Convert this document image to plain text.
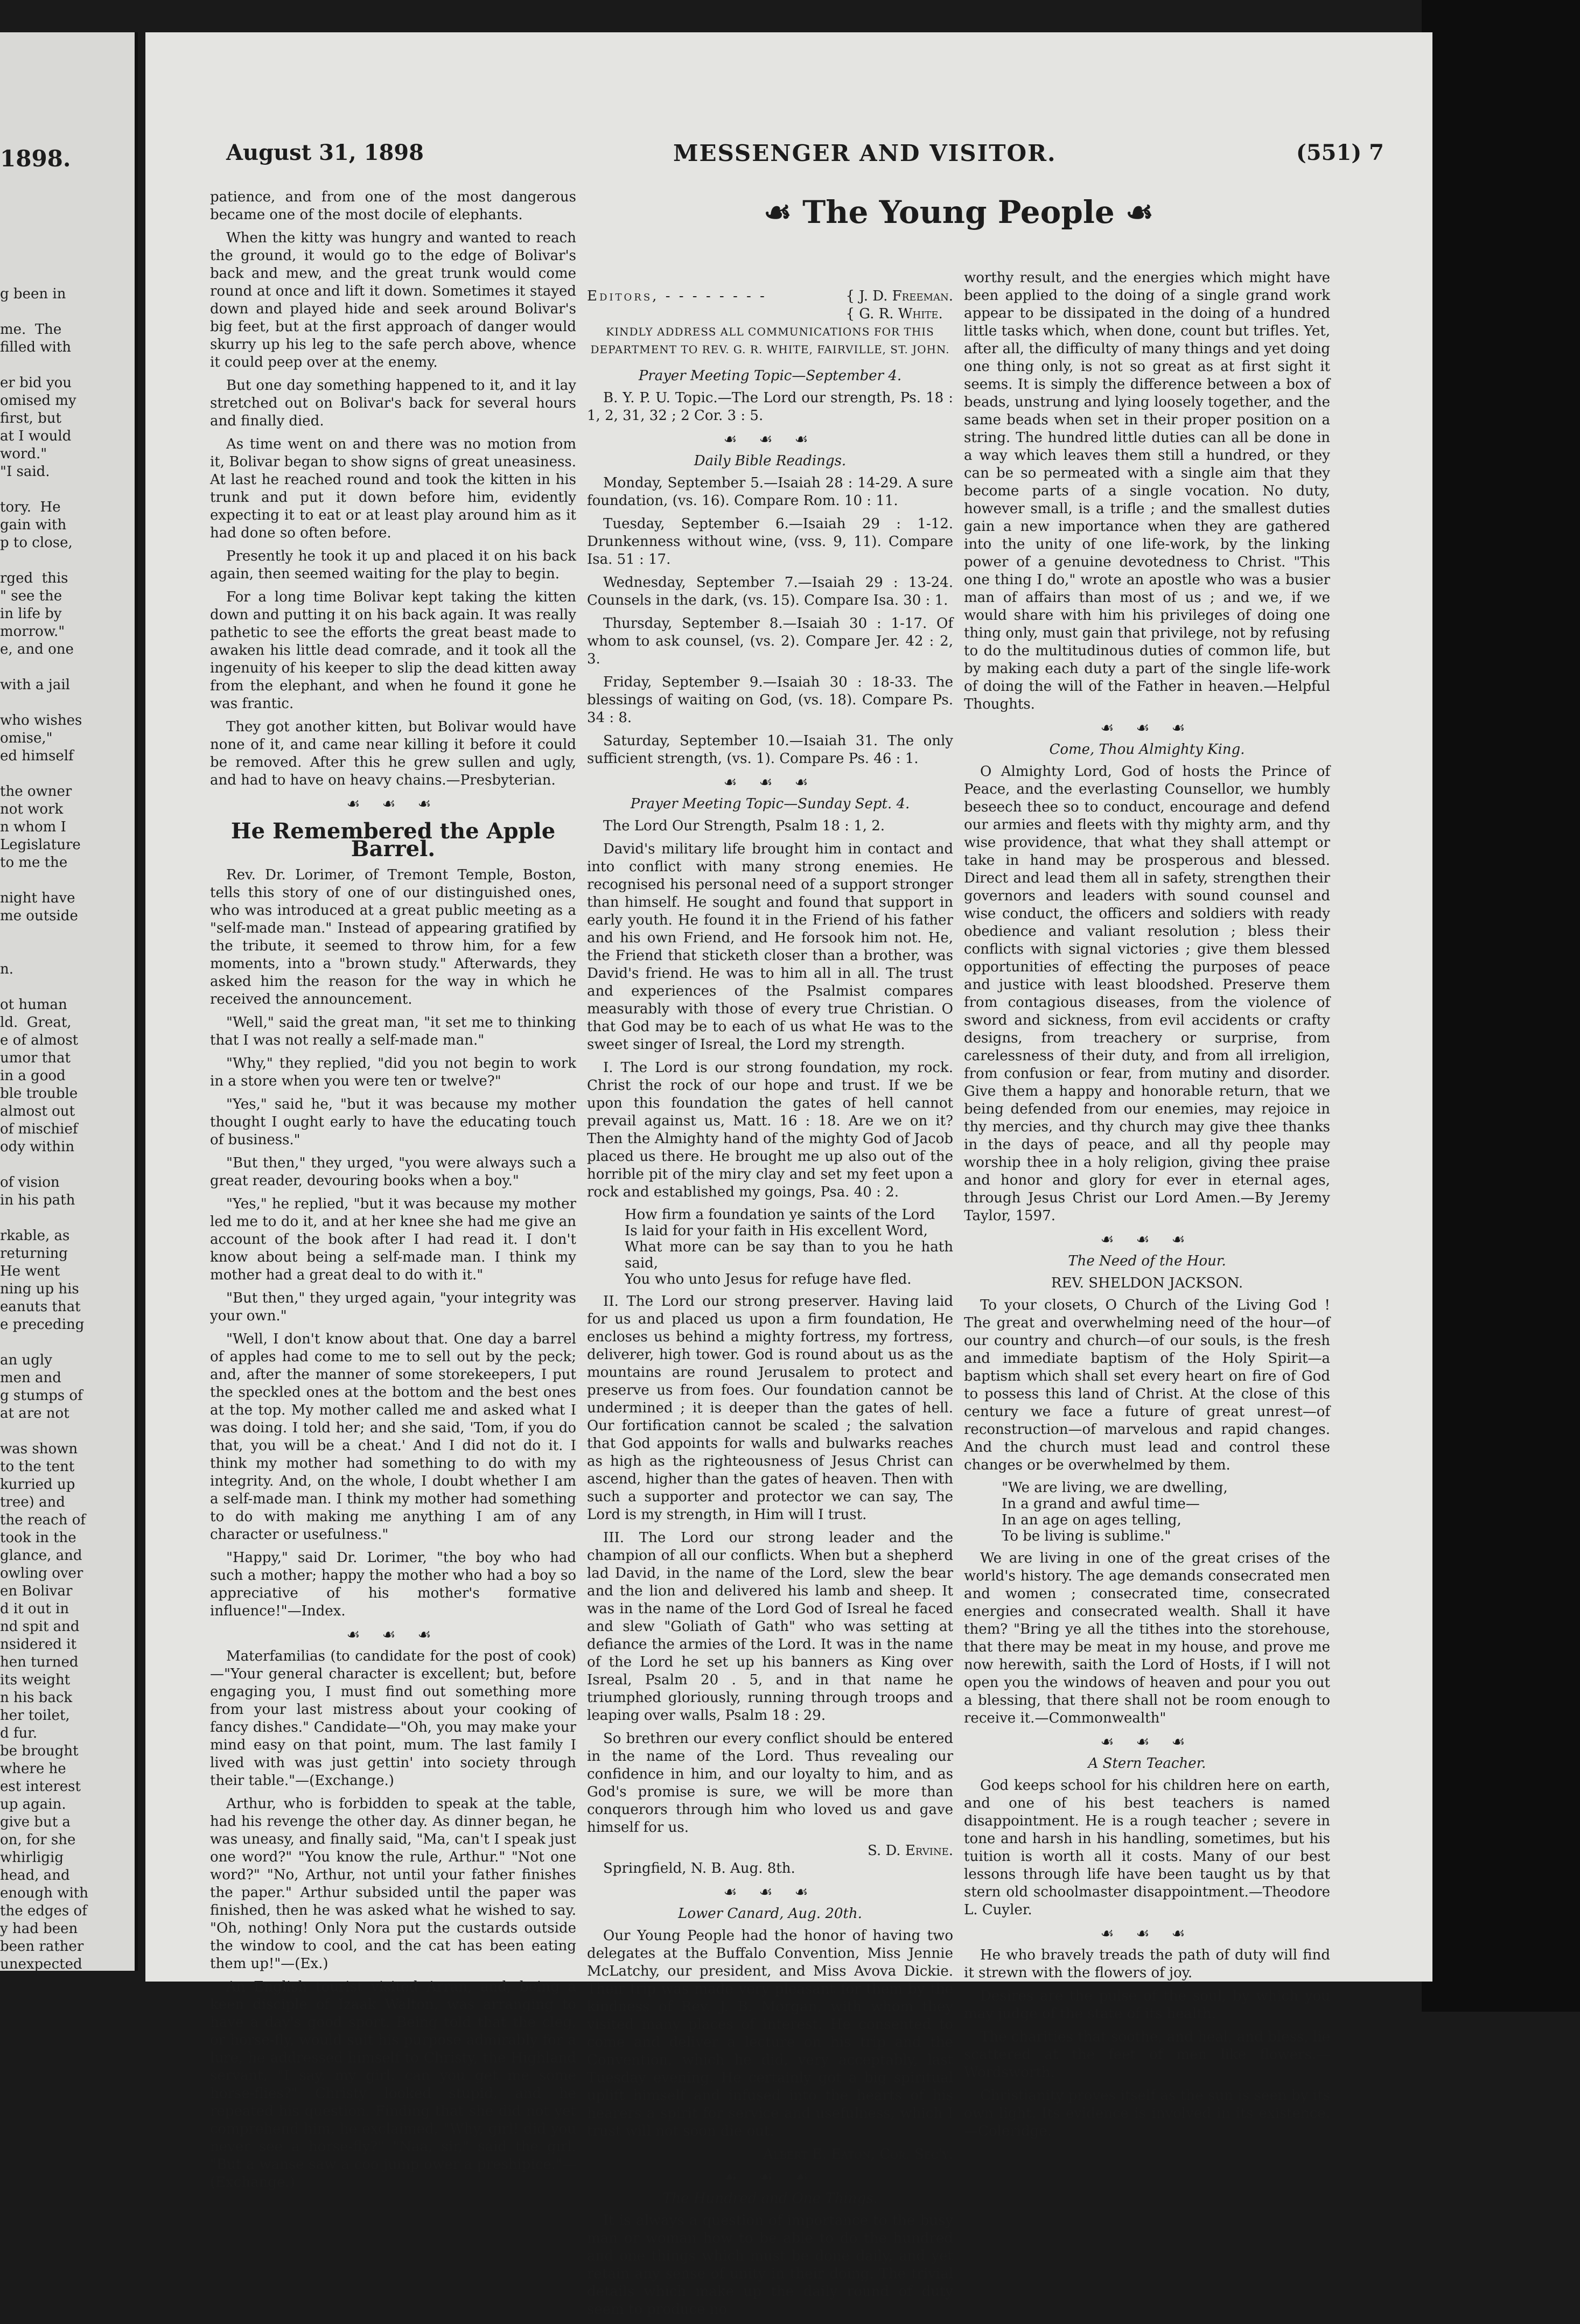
1898.
g been in

me.  The
filled with

er bid you
omised my
first, but
at I would
word."
"I said.

tory.  He
gain with
p to close,

rged  this
" see the
in life by
morrow."
e, and one

with a jail

who wishes
omise,"
ed himself

the owner
not work
n whom I
Legislature
to me the

night have
me outside

n.

ot human
ld.  Great,
e of almost
umor that
in a good
ble trouble
almost out
of mischief
ody within

of vision
in his path

rkable, as
returning
He went
ning up his
eanuts that
e preceding

an ugly
men and
g stumps of
at are not

was shown
to the tent
kurried up
tree) and
the reach of
took in the
glance, and
owling over
en Bolivar
d it out in
nd spit and
nsidered it
hen turned
its weight
n his back
her toilet,
d fur.
be brought
where he
est interest
up again.
give but a
on, for she
whirligig
head, and
enough with
the edges of
y had been
been rather
unexpected
August 31, 1898	MESSENGER AND VISITOR.	(551) 7

patience, and from one of the most dangerous became one of the most docile of elephants.

When the kitty was hungry and wanted to reach the ground, it would go to the edge of Bolivar's back and mew, and the great trunk would come round at once and lift it down. Sometimes it stayed down and played hide and seek around Bolivar's big feet, but at the first approach of danger would skurry up his leg to the safe perch above, whence it could peep over at the enemy.

But one day something happened to it, and it lay stretched out on Bolivar's back for several hours and finally died.

As time went on and there was no motion from it, Bolivar began to show signs of great uneasiness. At last he reached round and took the kitten in his trunk and put it down before him, evidently expecting it to eat or at least play around him as it had done so often before.

Presently he took it up and placed it on his back again, then seemed waiting for the play to begin.

For a long time Bolivar kept taking the kitten down and putting it on his back again. It was really pathetic to see the efforts the great beast made to awaken his little dead comrade, and it took all the ingenuity of his keeper to slip the dead kitten away from the elephant, and when he found it gone he was frantic.

They got another kitten, but Bolivar would have none of it, and came near killing it before it could be removed. After this he grew sullen and ugly, and had to have on heavy chains.—Presbyterian.

☙ ☙ ☙
He Remembered the Apple Barrel.

Rev. Dr. Lorimer, of Tremont Temple, Boston, tells this story of one of our distinguished ones, who was introduced at a great public meeting as a "self-made man." Instead of appearing gratified by the tribute, it seemed to throw him, for a few moments, into a "brown study." Afterwards, they asked him the reason for the way in which he received the announcement.

"Well," said the great man, "it set me to thinking that I was not really a self-made man."

"Why," they replied, "did you not begin to work in a store when you were ten or twelve?"

"Yes," said he, "but it was because my mother thought I ought early to have the educating touch of business."

"But then," they urged, "you were always such a great reader, devouring books when a boy."

"Yes," he replied, "but it was because my mother led me to do it, and at her knee she had me give an account of the book after I had read it. I don't know about being a self-made man. I think my mother had a great deal to do with it."

"But then," they urged again, "your integrity was your own."

"Well, I don't know about that. One day a barrel of apples had come to me to sell out by the peck; and, after the manner of some storekeepers, I put the speckled ones at the bottom and the best ones at the top. My mother called me and asked what I was doing. I told her; and she said, 'Tom, if you do that, you will be a cheat.' And I did not do it. I think my mother had something to do with my integrity. And, on the whole, I doubt whether I am a self-made man. I think my mother had something to do with making me anything I am of any character or usefulness."

"Happy," said Dr. Lorimer, "the boy who had such a mother; happy the mother who had a boy so appreciative of his mother's formative influence!"—Index.

☙ ☙ ☙

Materfamilias (to candidate for the post of cook)—"Your general character is excellent; but, before engaging you, I must find out something more from your last mistress about your cooking of fancy dishes." Candidate—"Oh, you may make your mind easy on that point, mum. The last family I lived with was just gettin' into society through their table."—(Exchange.)

Arthur, who is forbidden to speak at the table, had his revenge the other day. As dinner began, he was uneasy, and finally said, "Ma, can't I speak just one word?" "You know the rule, Arthur." "Not one word?" "No, Arthur, not until your father finishes the paper." Arthur subsided until the paper was finished, then he was asked what he wished to say. "Oh, nothing! Only Nora put the custards outside the window to cool, and the cat has been eating them up!"—(Ex.)

An English tourist visited Arran, and, being a keen disciple of Izaak Walton, was arranging to have a day's good sport. Being told that the cleg, or horse-fly, would suit his purpose admirably for a lure, he addressed himself to Christy, the Highland servant, "I say, my girl, can you get me some horse-flies?" Christy looked stupid, and he repeated his question. Finding that she did not yet comprehend him, he exclaimed, "Why, girl! did you never see a horse-fly?" "Naa, sir," said the girl. "But a wanse saw a coo jump ower a preshipice."—(Exchange.)

☙ The Young People ☙
Editors, - - - - - - - -	{ J. D. Freeman.
{ G. R. White.
KINDLY ADDRESS ALL COMMUNICATIONS FOR THIS DEPARTMENT TO REV. G. R. WHITE, FAIRVILLE, ST. JOHN.
Prayer Meeting Topic—September 4.

B. Y. P. U. Topic.—The Lord our strength, Ps. 18 : 1, 2, 31, 32 ; 2 Cor. 3 : 5.

☙ ☙ ☙
Daily Bible Readings.

Monday, September 5.—Isaiah 28 : 14-29. A sure foundation, (vs. 16). Compare Rom. 10 : 11.

Tuesday, September 6.—Isaiah 29 : 1-12. Drunkenness without wine, (vss. 9, 11). Compare Isa. 51 : 17.

Wednesday, September 7.—Isaiah 29 : 13-24. Counsels in the dark, (vs. 15). Compare Isa. 30 : 1.

Thursday, September 8.—Isaiah 30 : 1-17. Of whom to ask counsel, (vs. 2). Compare Jer. 42 : 2, 3.

Friday, September 9.—Isaiah 30 : 18-33. The blessings of waiting on God, (vs. 18). Compare Ps. 34 : 8.

Saturday, September 10.—Isaiah 31. The only sufficient strength, (vs. 1). Compare Ps. 46 : 1.

☙ ☙ ☙
Prayer Meeting Topic—Sunday Sept. 4.

The Lord Our Strength, Psalm 18 : 1, 2.

David's military life brought him in contact and into conflict with many strong enemies. He recognised his personal need of a support stronger than himself. He sought and found that support in early youth. He found it in the Friend of his father and his own Friend, and He forsook him not. He, the Friend that sticketh closer than a brother, was David's friend. He was to him all in all. The trust and experiences of the Psalmist compares measurably with those of every true Christian. O that God may be to each of us what He was to the sweet singer of Isreal, the Lord my strength.

I. The Lord is our strong foundation, my rock. Christ the rock of our hope and trust. If we be upon this foundation the gates of hell cannot prevail against us, Matt. 16 : 18. Are we on it? Then the Almighty hand of the mighty God of Jacob placed us there. He brought me up also out of the horrible pit of the miry clay and set my feet upon a rock and established my goings, Psa. 40 : 2.

How firm a foundation ye saints of the Lord
Is laid for your faith in His excellent Word,
What more can be say than to you he hath said,
You who unto Jesus for refuge have fled.

II. The Lord our strong preserver. Having laid for us and placed us upon a firm foundation, He encloses us behind a mighty fortress, my fortress, deliverer, high tower. God is round about us as the mountains are round Jerusalem to protect and preserve us from foes. Our foundation cannot be undermined ; it is deeper than the gates of hell. Our fortification cannot be scaled ; the salvation that God appoints for walls and bulwarks reaches as high as the righteousness of Jesus Christ can ascend, higher than the gates of heaven. Then with such a supporter and protector we can say, The Lord is my strength, in Him will I trust.

III. The Lord our strong leader and the champion of all our conflicts. When but a shepherd lad David, in the name of the Lord, slew the bear and the lion and delivered his lamb and sheep. It was in the name of the Lord God of Isreal he faced and slew "Goliath of Gath" who was setting at defiance the armies of the Lord. It was in the name of the Lord he set up his banners as King over Isreal, Psalm 20 . 5, and in that name he triumphed gloriously, running through troops and leaping over walls, Psalm 18 : 29.

So brethren our every conflict should be entered in the name of the Lord. Thus revealing our confidence in him, and our loyalty to him, and as God's promise is sure, we will be more than conquerors through him who loved us and gave himself for us.

S. D. Ervine.

Springfield, N. B. Aug. 8th.

☙ ☙ ☙
Lower Canard, Aug. 20th.

Our Young People had the honor of having two delegates at the Buffalo Convention, Miss Jennie McLatchy, our president, and Miss Avova Dickie. Their trip was made very pleasant for them by the kindness of Rev. J. B. Morgan, with whom they visited many places of interest. He consented to come and deliver a lecture on his trip and the Convention, which he did, very acceptably, last Tuesday evening. He certainly got a big spiritual uplift himself and infused into the hearts of his hearers a spirit for service and usefulness, which I trust will not soon die out.

Albert E. Eaton, Cor. Sec'y.
☙ ☙ ☙
The Hundred and One Things.

It is always a question of importance to the busy man or woman how to be able to do the hundred and one things which must be done daily, and yet retain any sense of unity in their doing. The trivial details which make up the daily round of duty seem to produce no

worthy result, and the energies which might have been applied to the doing of a single grand work appear to be dissipated in the doing of a hundred little tasks which, when done, count but trifles. Yet, after all, the difficulty of many things and yet doing one thing only, is not so great as at first sight it seems. It is simply the difference between a box of beads, unstrung and lying loosely together, and the same beads when set in their proper position on a string. The hundred little duties can all be done in a way which leaves them still a hundred, or they can be so permeated with a single aim that they become parts of a single vocation. No duty, however small, is a trifle ; and the smallest duties gain a new importance when they are gathered into the unity of one life-work, by the linking power of a genuine devotedness to Christ. "This one thing I do," wrote an apostle who was a busier man of affairs than most of us ; and we, if we would share with him his privileges of doing one thing only, must gain that privilege, not by refusing to do the multitudinous duties of common life, but by making each duty a part of the single life-work of doing the will of the Father in heaven.—Helpful Thoughts.

☙ ☙ ☙
Come, Thou Almighty King.

O Almighty Lord, God of hosts the Prince of Peace, and the everlasting Counsellor, we humbly beseech thee so to conduct, encourage and defend our armies and fleets with thy mighty arm, and thy wise providence, that what they shall attempt or take in hand may be prosperous and blessed. Direct and lead them all in safety, strengthen their governors and leaders with sound counsel and wise conduct, the officers and soldiers with ready obedience and valiant resolution ; bless their conflicts with signal victories ; give them blessed opportunities of effecting the purposes of peace and justice with least bloodshed. Preserve them from contagious diseases, from the violence of sword and sickness, from evil accidents or crafty designs, from treachery or surprise, from carelessness of their duty, and from all irreligion, from confusion or fear, from mutiny and disorder. Give them a happy and honorable return, that we being defended from our enemies, may rejoice in thy mercies, and thy church may give thee thanks in the days of peace, and all thy people may worship thee in a holy religion, giving thee praise and honor and glory for ever in eternal ages, through Jesus Christ our Lord Amen.—By Jeremy Taylor, 1597.

☙ ☙ ☙
The Need of the Hour.
REV. SHELDON JACKSON.

To your closets, O Church of the Living God ! The great and overwhelming need of the hour—of our country and church—of our souls, is the fresh and immediate baptism of the Holy Spirit—a baptism which shall set every heart on fire of God to possess this land of Christ. At the close of this century we face a future of great unrest—of reconstruction—of marvelous and rapid changes. And the church must lead and control these changes or be overwhelmed by them.

"We are living, we are dwelling,
In a grand and awful time—
In an age on ages telling,
To be living is sublime."

We are living in one of the great crises of the world's history. The age demands consecrated men and women ; consecrated time, consecrated energies and consecrated wealth. Shall it have them? "Bring ye all the tithes into the storehouse, that there may be meat in my house, and prove me now herewith, saith the Lord of Hosts, if I will not open you the windows of heaven and pour you out a blessing, that there shall not be room enough to receive it.—Commonwealth"

☙ ☙ ☙
A Stern Teacher.

God keeps school for his children here on earth, and one of his best teachers is named disappointment. He is a rough teacher ; severe in tone and harsh in his handling, sometimes, but his tuition is worth all it costs. Many of our best lessons through life have been taught us by that stern old schoolmaster disappointment.—Theodore L. Cuyler.

☙ ☙ ☙

He who bravely treads the path of duty will find it strewn with the flowers of joy.

Desires are the pulse of the soul, by which you may judge of the state of its health.

The charities that soothe, and heal, and bless, lie scattered at the feet of men like flowers.—Wordsworth.

Christianity proves itself as the sun is seen by its own light. Its evidence is involved in its existence.—Coleridge.
